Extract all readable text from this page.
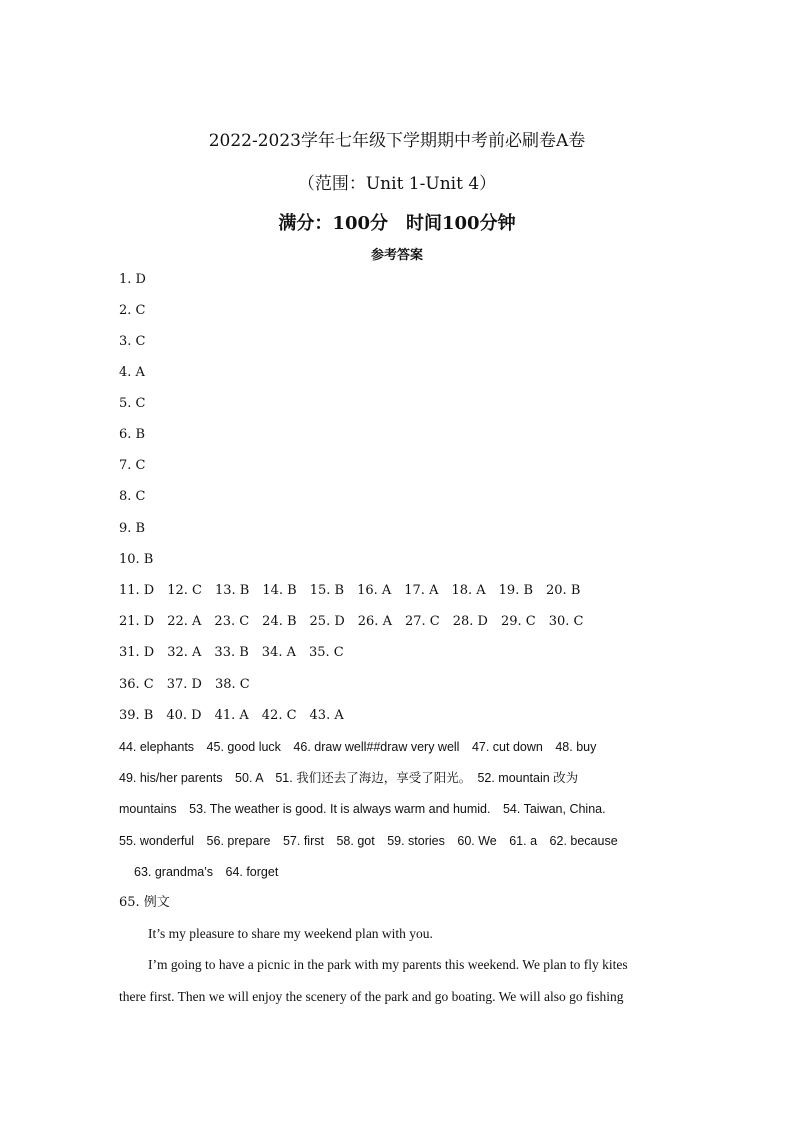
2022-2023学年七年级下学期期中考前必刷卷A卷
（范围：Unit 1-Unit 4）
满分：100分　时间100分钟
参考答案
1. D
2. C
3. C
4. A
5. C
6. B
7. C
8. C
9. B
10. B
11. D　12. C　13. B　14. B　15. B　16. A　17. A　18. A　19. B　20. B
21. D　22. A　23. C　24. B　25. D　26. A　27. C　28. D　29. C　30. C
31. D　32. A　33. B　34. A　35. C
36. C　37. D　38. C
39. B　40. D　41. A　42. C　43. A
44. elephants　45. good luck　46. draw well##draw very well　47. cut down　48. buy
49. his/her parents　50. A　51. 我们还去了海边，享受了阳光。　52. mountain 改为
mountains　53. The weather is good. It is always warm and humid.　54. Taiwan, China.
55. wonderful　56. prepare　57. first　58. got　59. stories　60. We　61. a　62. because
63. grandma’s　64. forget
65. 例文
It’s my pleasure to share my weekend plan with you.
I’m going to have a picnic in the park with my parents this weekend. We plan to fly kites
there first. Then we will enjoy the scenery of the park and go boating. We will also go fishing
